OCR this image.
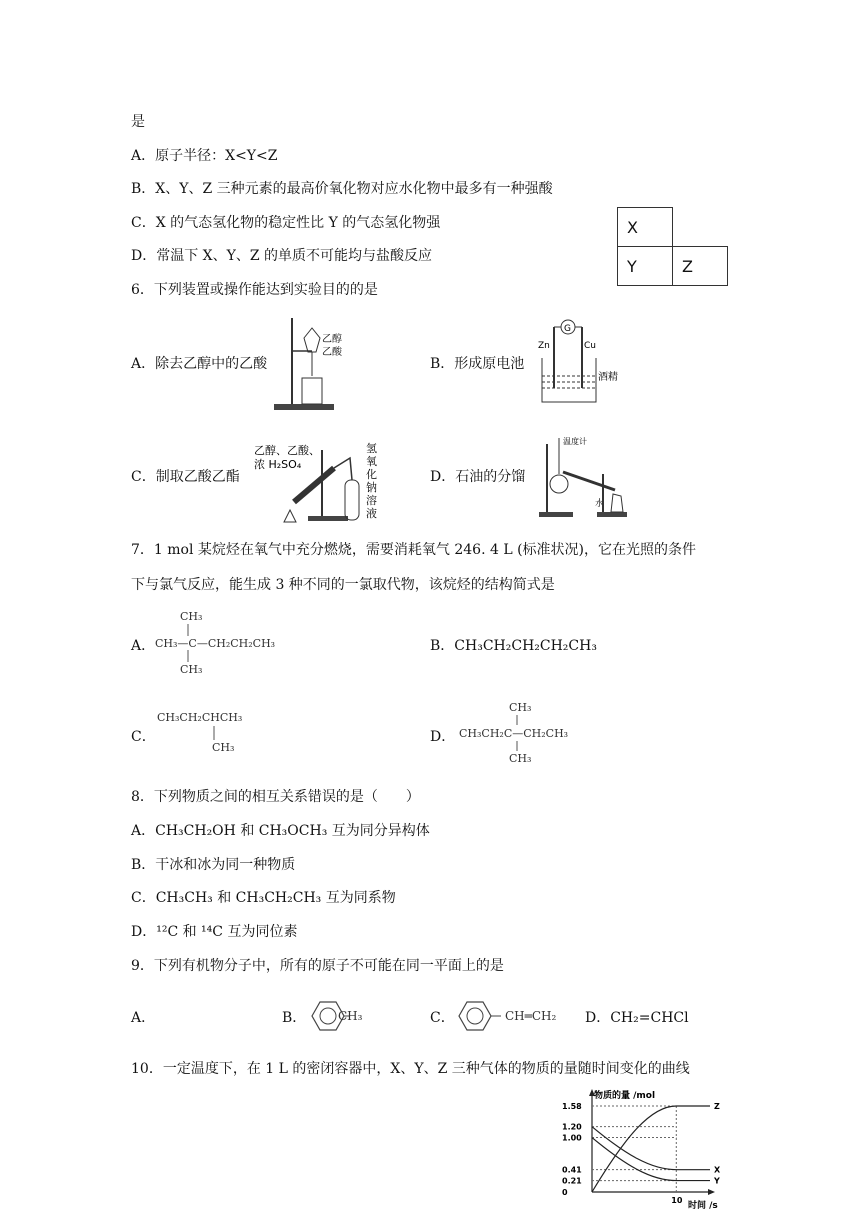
是
A．原子半径：X<Y<Z
B．X、Y、Z 三种元素的最高价氧化物对应水化物中最多有一种强酸
C．X 的气态氢化物的稳定性比 Y 的气态氢化物强
D．常温下 X、Y、Z 的单质不可能均与盐酸反应
X	
Y	Z
6．下列装置或操作能达到实验目的的是
A．除去乙醇中的乙酸	B．形成原电池
C．制取乙酸乙酯	D．石油的分馏
乙醇
乙酸
G
Zn	Cu
酒精
乙醇、乙酸、
浓 H₂SO₄
氢
氧
化
钠
溶
液
温度计
水
7．1 mol 某烷烃在氧气中充分燃烧，需要消耗氧气 246. 4 L (标准状况)，它在光照的条件
下与氯气反应，能生成 3 种不同的一氯取代物，该烷烃的结构简式是
A．
CH₃
CH₃—C—CH₂CH₂CH₃
CH₃
B．CH₃CH₂CH₂CH₂CH₃
C．
CH₃CH₂CHCH₃
CH₃
D．
CH₃
CH₃CH₂C—CH₂CH₃
CH₃
8．下列物质之间的相互关系错误的是（　　）
A．CH₃CH₂OH 和 CH₃OCH₃ 互为同分异构体
B．干冰和冰为同一种物质
C．CH₃CH₃ 和 CH₃CH₂CH₃ 互为同系物
D．¹²C 和 ¹⁴C 互为同位素
9．下列有机物分子中，所有的原子不可能在同一平面上的是
A．	B．	CH₃	C．	CH═CH₂ D．CH₂=CHCl
10．一定温度下，在 1 L 的密闭容器中，X、Y、Z 三种气体的物质的量随时间变化的曲线
物质的量 /mol
时间 /s
1.58
1.20
1.00
0.41
0.21
0
10
Z
X
Y
